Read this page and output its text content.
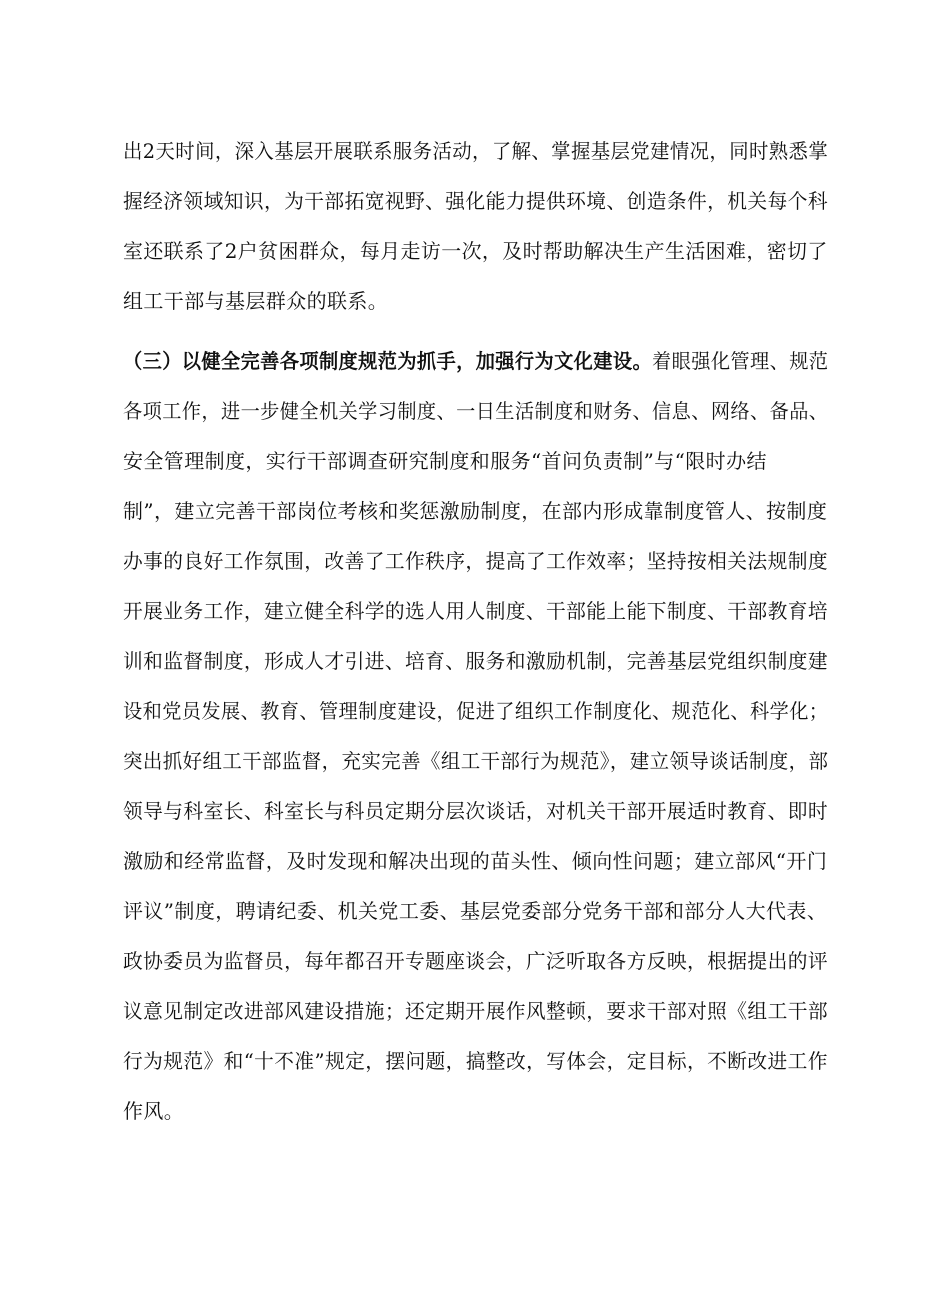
出2天时间，深入基层开展联系服务活动，了解、掌握基层党建情况，同时熟悉掌
握经济领域知识，为干部拓宽视野、强化能力提供环境、创造条件，机关每个科
室还联系了2户贫困群众，每月走访一次，及时帮助解决生产生活困难，密切了
组工干部与基层群众的联系。
（三）以健全完善各项制度规范为抓手，加强行为文化建设。着眼强化管理、规范
各项工作，进一步健全机关学习制度、一日生活制度和财务、信息、网络、备品、
安全管理制度，实行干部调查研究制度和服务“首问负责制”与“限时办结
制”，建立完善干部岗位考核和奖惩激励制度，在部内形成靠制度管人、按制度
办事的良好工作氛围，改善了工作秩序，提高了工作效率；坚持按相关法规制度
开展业务工作，建立健全科学的选人用人制度、干部能上能下制度、干部教育培
训和监督制度，形成人才引进、培育、服务和激励机制，完善基层党组织制度建
设和党员发展、教育、管理制度建设，促进了组织工作制度化、规范化、科学化；
突出抓好组工干部监督，充实完善《组工干部行为规范》，建立领导谈话制度，部
领导与科室长、科室长与科员定期分层次谈话，对机关干部开展适时教育、即时
激励和经常监督，及时发现和解决出现的苗头性、倾向性问题；建立部风“开门
评议”制度，聘请纪委、机关党工委、基层党委部分党务干部和部分人大代表、
政协委员为监督员，每年都召开专题座谈会，广泛听取各方反映，根据提出的评
议意见制定改进部风建设措施；还定期开展作风整顿，要求干部对照《组工干部
行为规范》和“十不准”规定，摆问题，搞整改，写体会，定目标，不断改进工作
作风。
